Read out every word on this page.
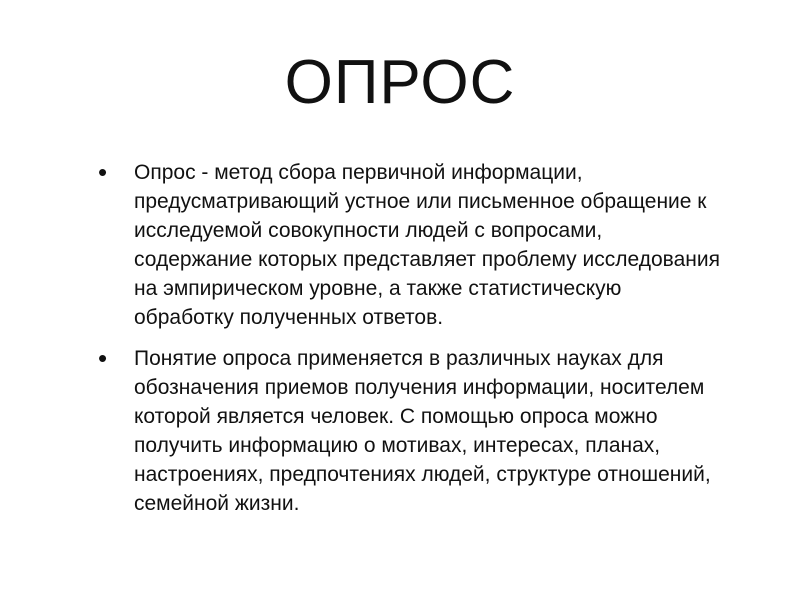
ОПРОС
• Опрос - метод сбора первичной информации, предусматривающий устное или письменное обращение к исследуемой совокупности людей с вопросами, содержание которых представляет проблему исследования на эмпирическом уровне, а также статистическую обработку полученных ответов.
• Понятие опроса применяется в различных науках для обозначения приемов получения информации, носителем которой является человек. С помощью опроса можно получить информацию о мотивах, интересах, планах, настроениях, предпочтениях людей, структуре отношений, семейной жизни.
